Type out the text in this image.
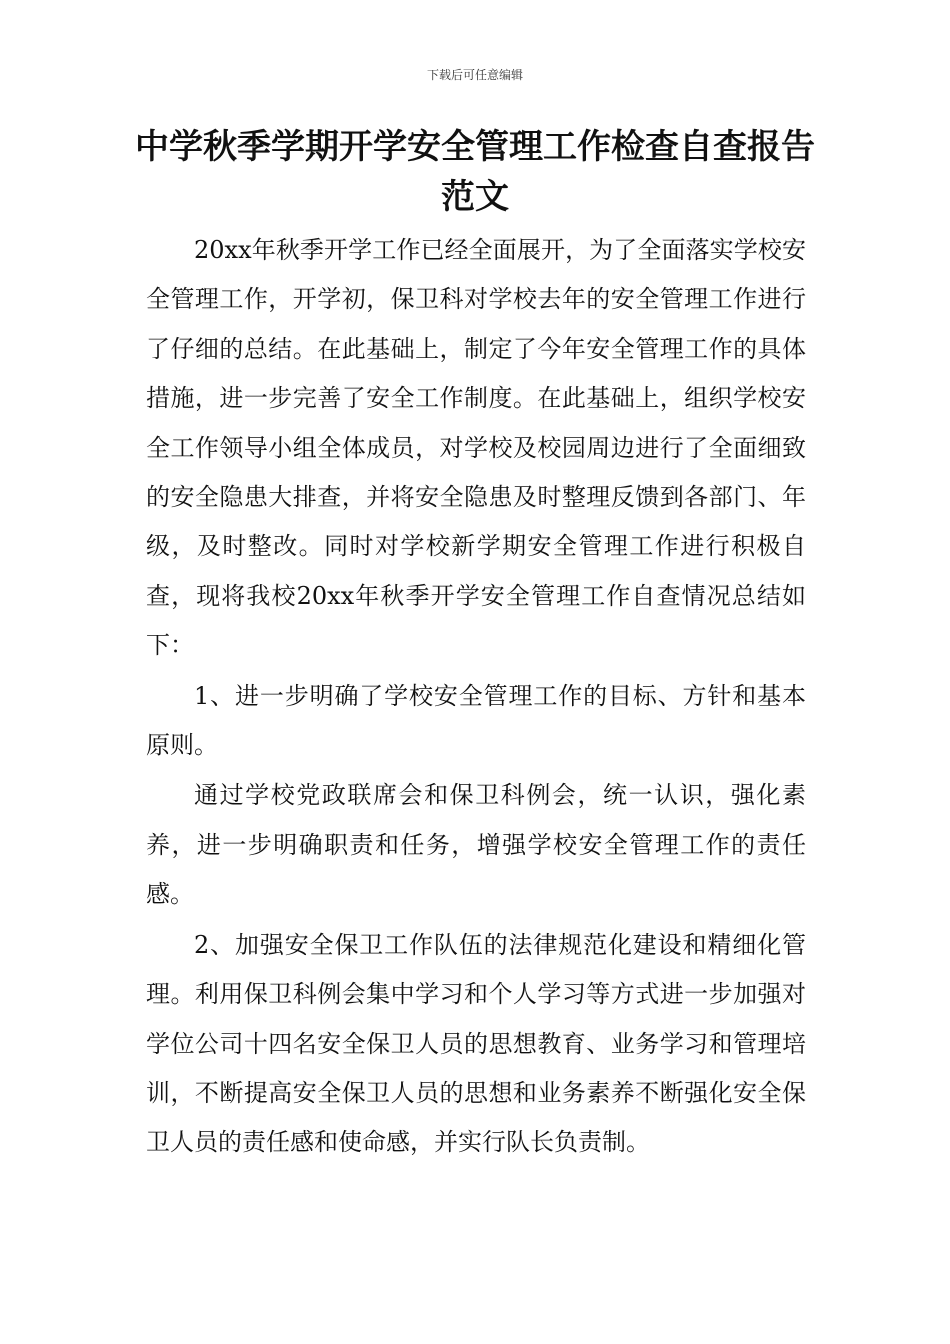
下载后可任意编辑
中学秋季学期开学安全管理工作检查自查报告范文

20xx年秋季开学工作已经全面展开，为了全面落实学校安全管理工作，开学初，保卫科对学校去年的安全管理工作进行了仔细的总结。在此基础上，制定了今年安全管理工作的具体措施，进一步完善了安全工作制度。在此基础上，组织学校安全工作领导小组全体成员，对学校及校园周边进行了全面细致的安全隐患大排查，并将安全隐患及时整理反馈到各部门、年级，及时整改。同时对学校新学期安全管理工作进行积极自查，现将我校20xx年秋季开学安全管理工作自查情况总结如下：

1、进一步明确了学校安全管理工作的目标、方针和基本原则。

通过学校党政联席会和保卫科例会，统一认识，强化素养，进一步明确职责和任务，增强学校安全管理工作的责任感。

2、加强安全保卫工作队伍的法律规范化建设和精细化管理。利用保卫科例会集中学习和个人学习等方式进一步加强对学位公司十四名安全保卫人员的思想教育、业务学习和管理培训，不断提高安全保卫人员的思想和业务素养不断强化安全保卫人员的责任感和使命感，并实行队长负责制。
